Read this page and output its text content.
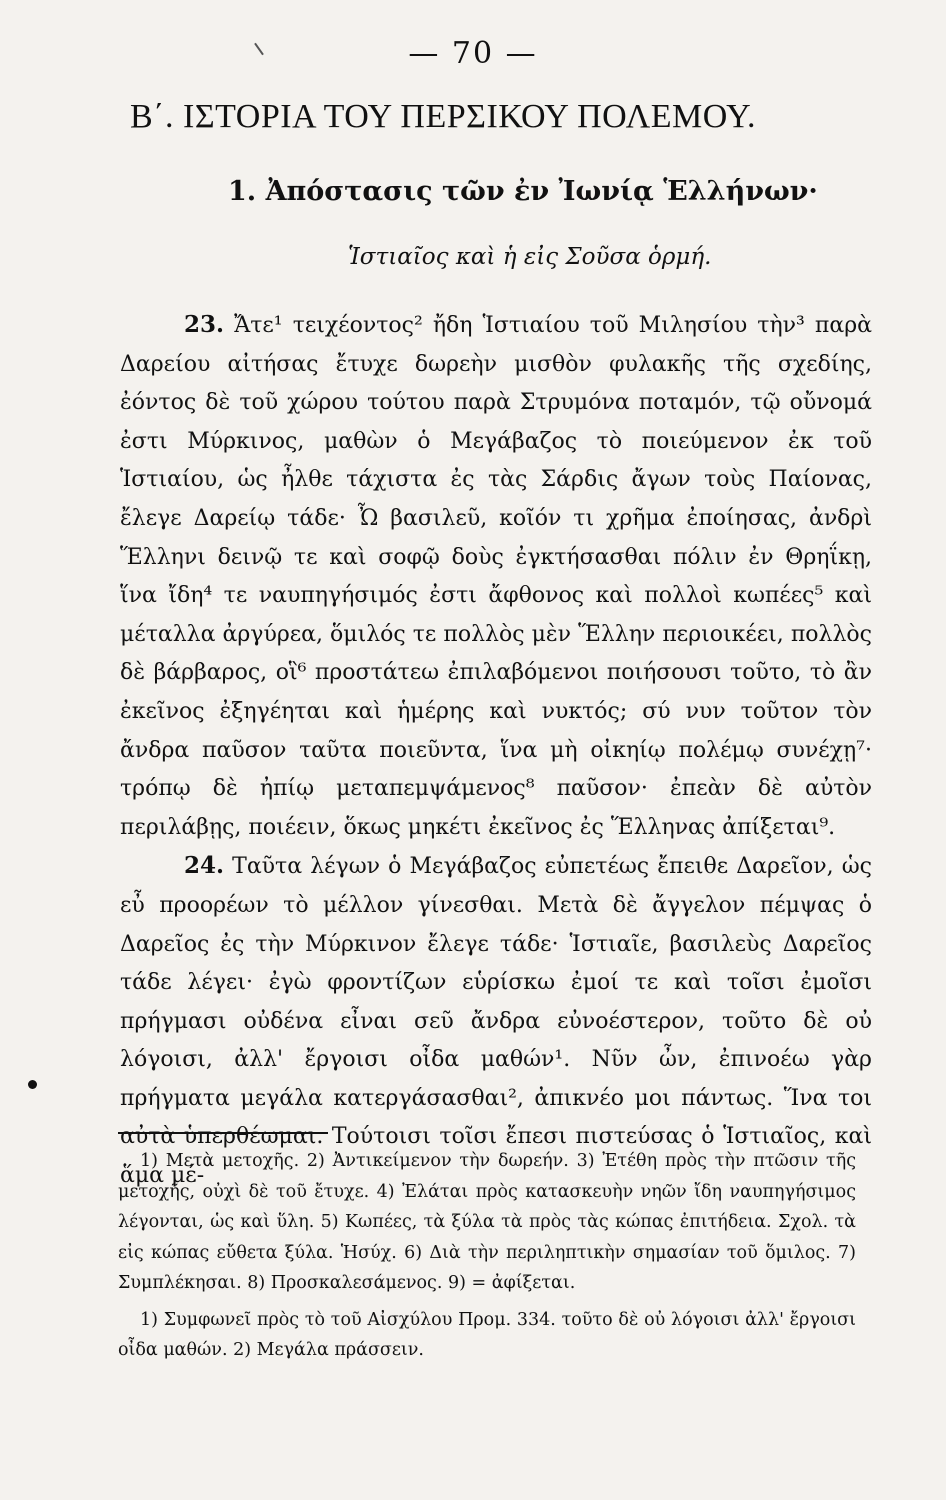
— 70 —
Β΄. ΙΣΤΟΡΙΑ ΤΟΥ ΠΕΡΣΙΚΟΥ ΠΟΛΕΜΟΥ.
1. Ἀπόστασις τῶν ἐν Ἰωνίᾳ Ἑλλήνων·
Ἱστιαῖος καὶ ἡ εἰς Σοῦσα ὁρμή.

23. Ἄτε¹ τειχέοντος² ἤδη Ἱστιαίου τοῦ Μιλησίου τὴν³ παρὰ Δαρείου αἰτήσας ἔτυχε δωρεὴν μισθὸν φυλακῆς τῆς σχεδίης, ἐόντος δὲ τοῦ χώρου τούτου παρὰ Στρυμόνα ποταμόν, τῷ οὔνομά ἐστι Μύρκινος, μαθὼν ὁ Μεγάβαζος τὸ ποιεύμενον ἐκ τοῦ Ἱστιαίου, ὡς ἦλθε τάχιστα ἐς τὰς Σάρδις ἄγων τοὺς Παίονας, ἔλεγε Δαρείῳ τάδε· Ὦ βασιλεῦ, κοῖόν τι χρῆμα ἐποίησας, ἀνδρὶ Ἕλληνι δεινῷ τε καὶ σοφῷ δοὺς ἐγκτήσασθαι πόλιν ἐν Θρηΐκῃ, ἵνα ἴδη⁴ τε ναυπηγήσιμός ἐστι ἄφθονος καὶ πολλοὶ κωπέες⁵ καὶ μέταλλα ἀργύρεα, ὅμιλός τε πολλὸς μὲν Ἕλλην περιοικέει, πολλὸς δὲ βάρβαρος, οἳ⁶ προστάτεω ἐπιλαβόμενοι ποιήσουσι τοῦτο, τὸ ἂν ἐκεῖνος ἐξηγέηται καὶ ἡμέρης καὶ νυκτός; σύ νυν τοῦτον τὸν ἄνδρα παῦσον ταῦτα ποιεῦντα, ἵνα μὴ οἰκηίῳ πολέμῳ συνέχῃ⁷· τρόπῳ δὲ ἠπίῳ μεταπεμψάμενος⁸ παῦσον· ἐπεὰν δὲ αὐτὸν περιλάβῃς, ποιέειν, ὅκως μηκέτι ἐκεῖνος ἐς Ἕλληνας ἀπίξεται⁹.

24. Ταῦτα λέγων ὁ Μεγάβαζος εὐπετέως ἔπειθε Δαρεῖον, ὡς εὖ προορέων τὸ μέλλον γίνεσθαι. Μετὰ δὲ ἄγγελον πέμψας ὁ Δαρεῖος ἐς τὴν Μύρκινον ἔλεγε τάδε· Ἱστιαῖε, βασιλεὺς Δαρεῖος τάδε λέγει· ἐγὼ φροντίζων εὑρίσκω ἐμοί τε καὶ τοῖσι ἐμοῖσι πρήγμασι οὐδένα εἶναι σεῦ ἄνδρα εὐνοέστερον, τοῦτο δὲ οὐ λόγοισι, ἀλλ' ἔργοισι οἶδα μαθών¹. Νῦν ὦν, ἐπινοέω γὰρ πρήγματα μεγάλα κατεργάσασθαι², ἀπικνέο μοι πάντως. Ἵνα τοι αὐτὰ ὑπερθέωμαι. Τούτοισι τοῖσι ἔπεσι πιστεύσας ὁ Ἱστιαῖος, καὶ ἅμα μέ-

1) Μετὰ μετοχῆς. 2) Ἀντικείμενον τὴν δωρεήν. 3) Ἐτέθη πρὸς τὴν πτῶσιν τῆς μετοχῆς, οὐχὶ δὲ τοῦ ἔτυχε. 4) Ἐλάται πρὸς κατασκευὴν νηῶν ἴδη ναυπηγήσιμος λέγονται, ὡς καὶ ὕλη. 5) Κωπέες, τὰ ξύλα τὰ πρὸς τὰς κώπας ἐπιτήδεια. Σχολ. τὰ εἰς κώπας εὔθετα ξύλα. Ἡσύχ. 6) Διὰ τὴν περιληπτικὴν σημασίαν τοῦ ὅμιλος. 7) Συμπλέκησαι. 8) Προσκαλεσάμενος. 9) = ἀφίξεται.

1) Συμφωνεῖ πρὸς τὸ τοῦ Αἰσχύλου Προμ. 334. τοῦτο δὲ οὐ λόγοισι ἀλλ' ἔργοισι οἶδα μαθών. 2) Μεγάλα πράσσειν.
